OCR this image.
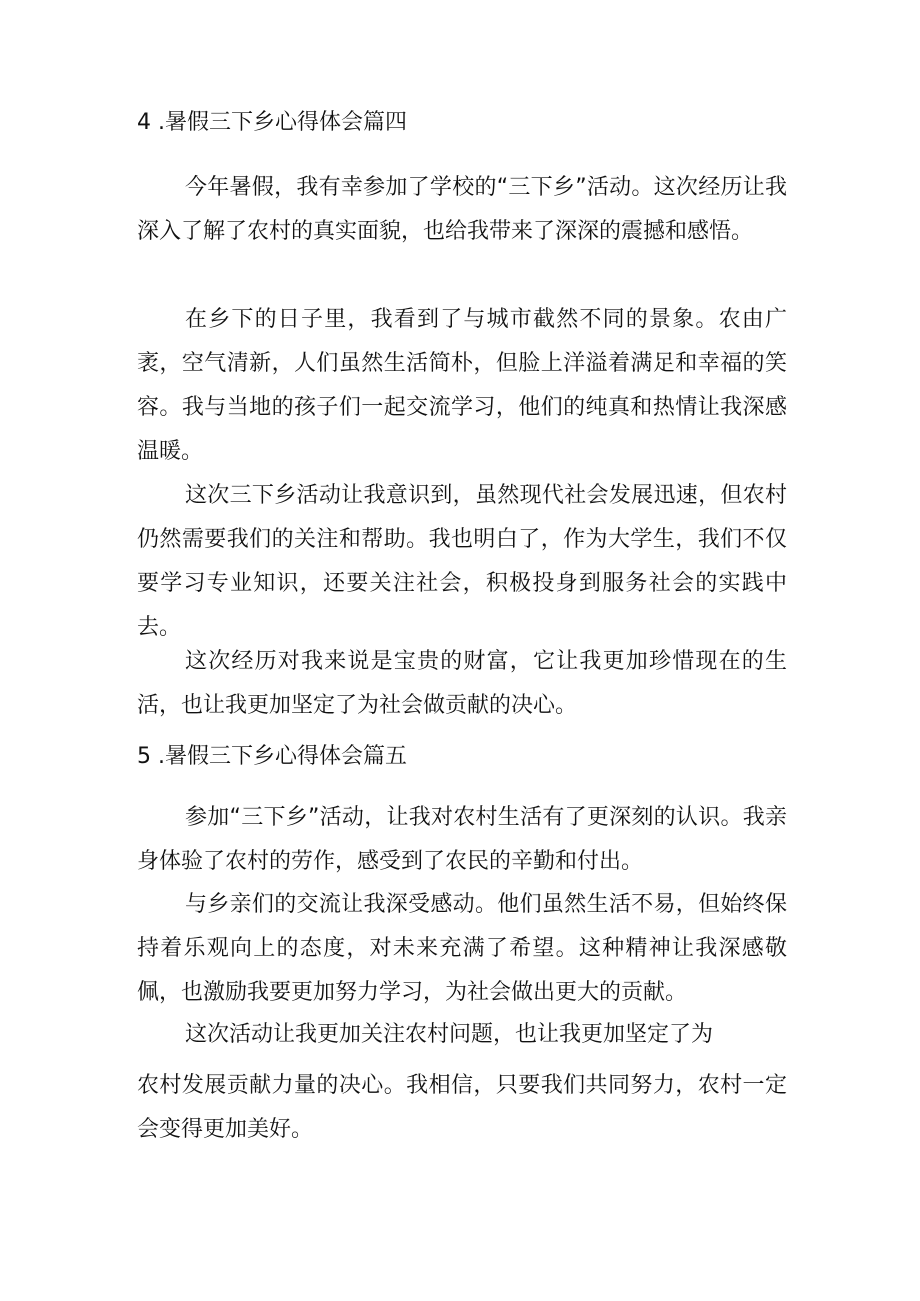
4 .暑假三下乡心得体会篇四
今年暑假，我有幸参加了学校的“三下乡”活动。这次经历让我深入了解了农村的真实面貌，也给我带来了深深的震撼和感悟。
在乡下的日子里，我看到了与城市截然不同的景象。农由广袤，空气清新，人们虽然生活简朴，但脸上洋溢着满足和幸福的笑容。我与当地的孩子们一起交流学习，他们的纯真和热情让我深感温暖。
这次三下乡活动让我意识到，虽然现代社会发展迅速，但农村仍然需要我们的关注和帮助。我也明白了，作为大学生，我们不仅要学习专业知识，还要关注社会，积极投身到服务社会的实践中去。
这次经历对我来说是宝贵的财富，它让我更加珍惜现在的生活，也让我更加坚定了为社会做贡献的决心。
5 .暑假三下乡心得体会篇五
参加“三下乡”活动，让我对农村生活有了更深刻的认识。我亲身体验了农村的劳作，感受到了农民的辛勤和付出。
与乡亲们的交流让我深受感动。他们虽然生活不易，但始终保持着乐观向上的态度，对未来充满了希望。这种精神让我深感敬佩，也激励我要更加努力学习，为社会做出更大的贡献。
这次活动让我更加关注农村问题，也让我更加坚定了为
农村发展贡献力量的决心。我相信，只要我们共同努力，农村一定会变得更加美好。
